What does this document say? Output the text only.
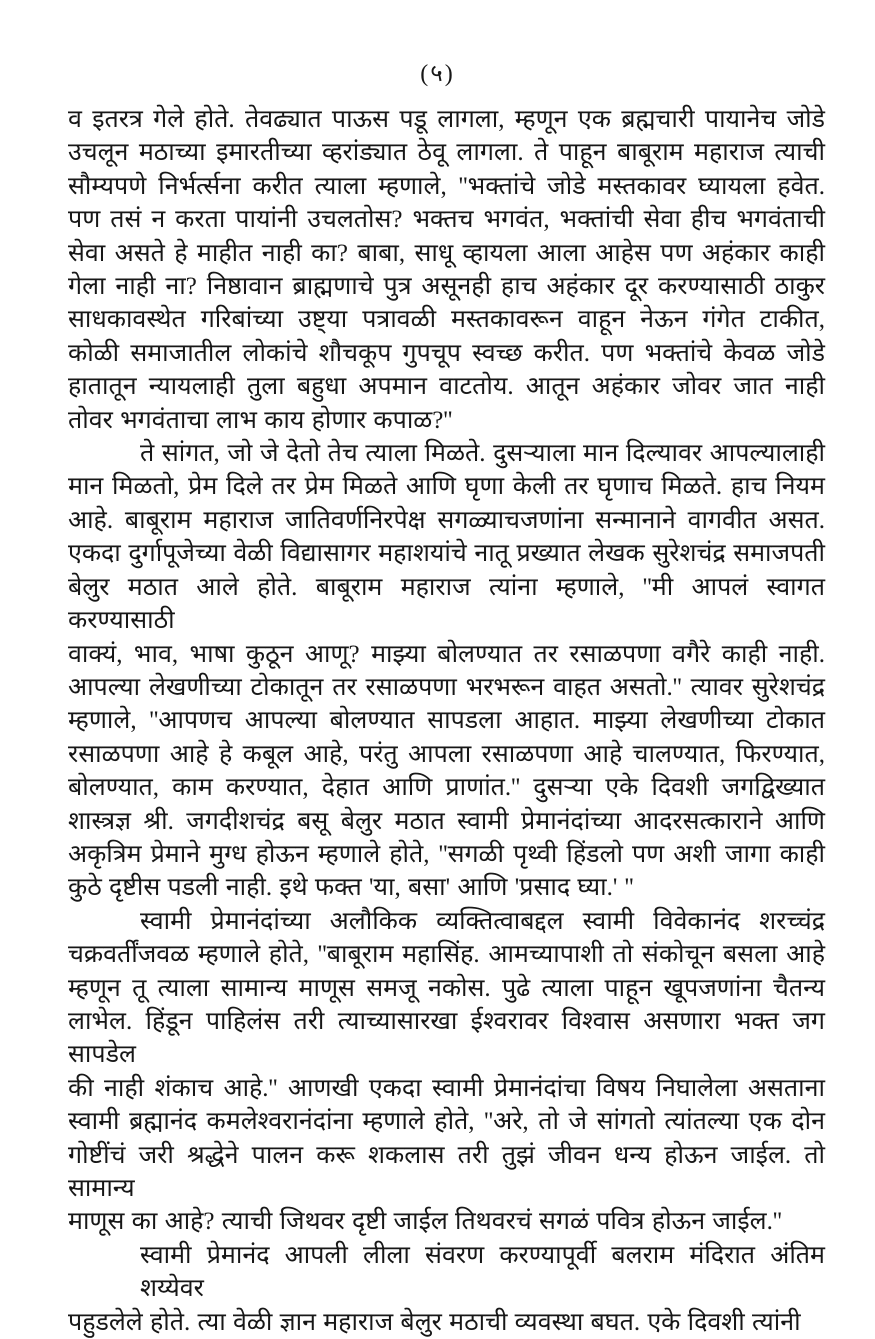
(५)
व इतरत्र गेले होते. तेवढ्यात पाऊस पडू लागला, म्हणून एक ब्रह्मचारी पायानेच जोडे
उचलून मठाच्या इमारतीच्या व्हरांड्यात ठेवू लागला. ते पाहून बाबूराम महाराज त्याची
सौम्यपणे निर्भर्त्सना करीत त्याला म्हणाले, ''भक्तांचे जोडे मस्तकावर घ्यायला हवेत.
पण तसं न करता पायांनी उचलतोस? भक्तच भगवंत, भक्तांची सेवा हीच भगवंताची
सेवा असते हे माहीत नाही का? बाबा, साधू व्हायला आला आहेस पण अहंकार काही
गेला नाही ना? निष्ठावान ब्राह्मणाचे पुत्र असूनही हाच अहंकार दूर करण्यासाठी ठाकुर
साधकावस्थेत गरिबांच्या उष्ट्या पत्रावळी मस्तकावरून वाहून नेऊन गंगेत टाकीत,
कोळी समाजातील लोकांचे शौचकूप गुपचूप स्वच्छ करीत. पण भक्तांचे केवळ जोडे
हातातून न्यायलाही तुला बहुधा अपमान वाटतोय. आतून अहंकार जोवर जात नाही
तोवर भगवंताचा लाभ काय होणार कपाळ?''
ते सांगत, जो जे देतो तेच त्याला मिळते. दुसऱ्याला मान दिल्यावर आपल्यालाही
मान मिळतो, प्रेम दिले तर प्रेम मिळते आणि घृणा केली तर घृणाच मिळते. हाच नियम
आहे. बाबूराम महाराज जातिवर्णनिरपेक्ष सगळ्याचजणांना सन्मानाने वागवीत असत.
एकदा दुर्गापूजेच्या वेळी विद्यासागर महाशयांचे नातू प्रख्यात लेखक सुरेशचंद्र समाजपती
बेलुर मठात आले होते. बाबूराम महाराज त्यांना म्हणाले, ''मी आपलं स्वागत करण्यासाठी
वाक्यं, भाव, भाषा कुठून आणू? माझ्या बोलण्यात तर रसाळपणा वगैरे काही नाही.
आपल्या लेखणीच्या टोकातून तर रसाळपणा भरभरून वाहत असतो.'' त्यावर सुरेशचंद्र
म्हणाले, ''आपणच आपल्या बोलण्यात सापडला आहात. माझ्या लेखणीच्या टोकात
रसाळपणा आहे हे कबूल आहे, परंतु आपला रसाळपणा आहे चालण्यात, फिरण्यात,
बोलण्यात, काम करण्यात, देहात आणि प्राणांत.'' दुसऱ्या एके दिवशी जगद्विख्यात
शास्त्रज्ञ श्री. जगदीशचंद्र बसू बेलुर मठात स्वामी प्रेमानंदांच्या आदरसत्काराने आणि
अकृत्रिम प्रेमाने मुग्ध होऊन म्हणाले होते, ''सगळी पृथ्वी हिंडलो पण अशी जागा काही
कुठे दृष्टीस पडली नाही. इथे फक्त 'या, बसा' आणि 'प्रसाद घ्या.' ''
स्वामी प्रेमानंदांच्या अलौकिक व्यक्तित्वाबद्दल स्वामी विवेकानंद शरच्चंद्र
चक्रवर्तींजवळ म्हणाले होते, ''बाबूराम महासिंह. आमच्यापाशी तो संकोचून बसला आहे
म्हणून तू त्याला सामान्य माणूस समजू नकोस. पुढे त्याला पाहून खूपजणांना चैतन्य
लाभेल. हिंडून पाहिलंस तरी त्याच्यासारखा ईश्वरावर विश्वास असणारा भक्त जग सापडेल
की नाही शंकाच आहे.'' आणखी एकदा स्वामी प्रेमानंदांचा विषय निघालेला असताना
स्वामी ब्रह्मानंद कमलेश्वरानंदांना म्हणाले होते, ''अरे, तो जे सांगतो त्यांतल्या एक दोन
गोष्टींचं जरी श्रद्धेने पालन करू शकलास तरी तुझं जीवन धन्य होऊन जाईल. तो सामान्य
माणूस का आहे? त्याची जिथवर दृष्टी जाईल तिथवरचं सगळं पवित्र होऊन जाईल.''
स्वामी प्रेमानंद आपली लीला संवरण करण्यापूर्वी बलराम मंदिरात अंतिम शय्येवर
पहुडलेले होते. त्या वेळी ज्ञान महाराज बेलुर मठाची व्यवस्था बघत. एके दिवशी त्यांनी
